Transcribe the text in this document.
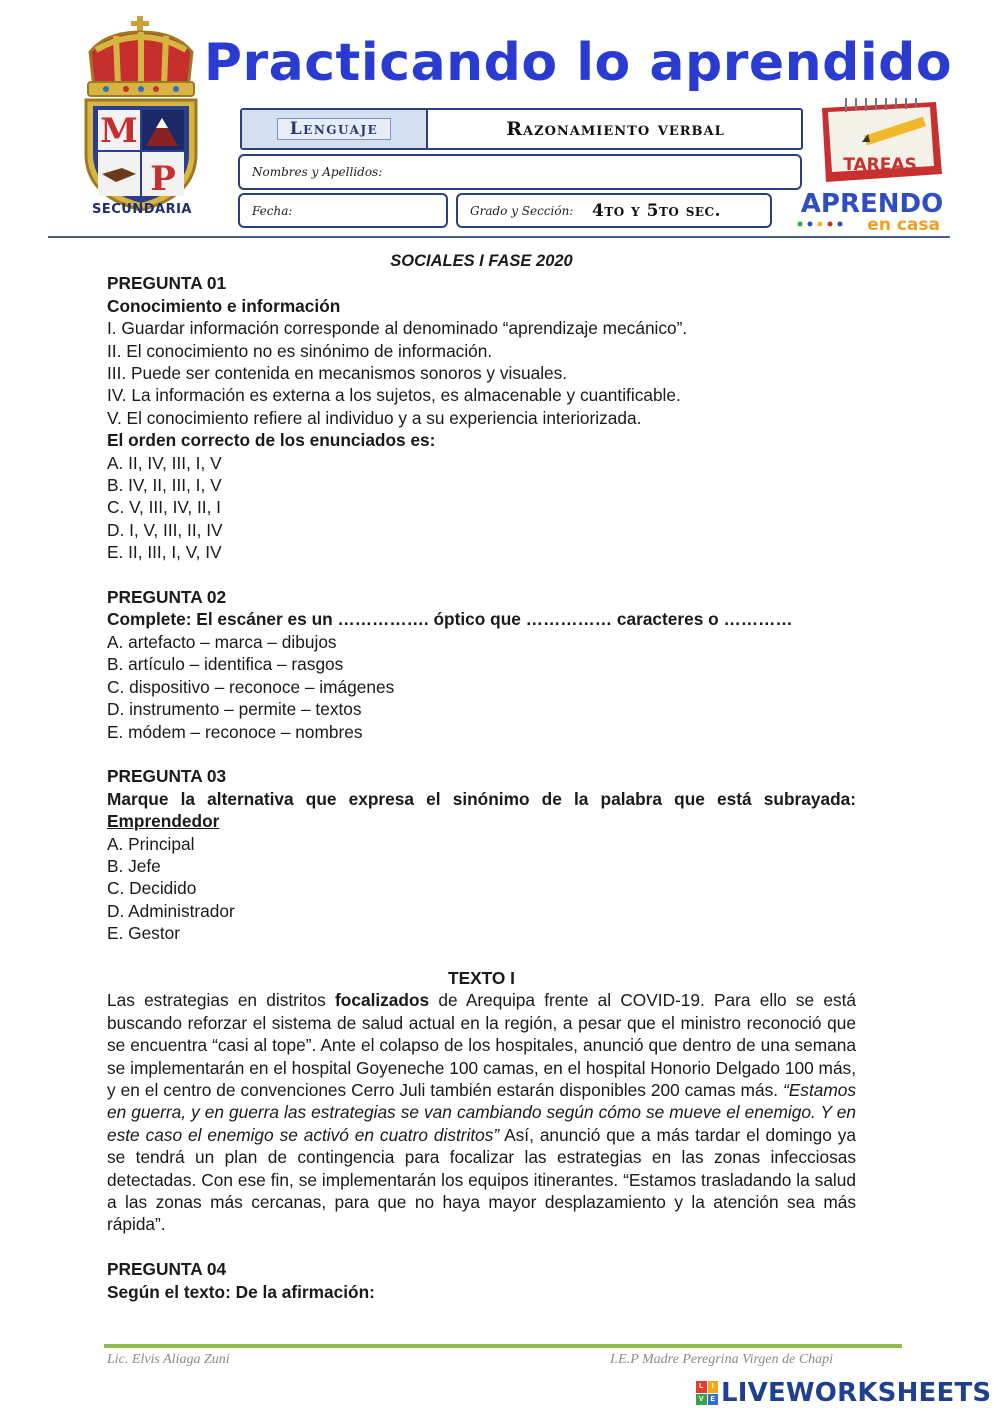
M
P
SECUNDARIA
Practicando lo aprendido
Lenguaje	Razonamiento verbal
Nombres y Apellidos:
Fecha:	Grado y Sección: 4to y 5to sec.
TAREAS
APRENDO
en casa
SOCIALES I FASE 2020
PREGUNTA 01
Conocimiento e información
I. Guardar información corresponde al denominado “aprendizaje mecánico”.
II. El conocimiento no es sinónimo de información.
III. Puede ser contenida en mecanismos sonoros y visuales.
IV. La información es externa a los sujetos, es almacenable y cuantificable.
V. El conocimiento refiere al individuo y a su experiencia interiorizada.
El orden correcto de los enunciados es:
A. II, IV, III, I, V
B. IV, II, III, I, V
C. V, III, IV, II, I
D. I, V, III, II, IV
E. II, III, I, V, IV
PREGUNTA 02
Complete: El escáner es un ……………. óptico que …………… caracteres o …………
A. artefacto – marca – dibujos
B. artículo – identifica – rasgos
C. dispositivo – reconoce – imágenes
D. instrumento – permite – textos
E. módem – reconoce – nombres
PREGUNTA 03
Marque la alternativa que expresa el sinónimo de la palabra que está subrayada: Emprendedor
A. Principal
B. Jefe
C. Decidido
D. Administrador
E. Gestor
TEXTO I
Las estrategias en distritos focalizados de Arequipa frente al COVID-19. Para ello se está buscando reforzar el sistema de salud actual en la región, a pesar que el ministro reconoció que se encuentra “casi al tope”. Ante el colapso de los hospitales, anunció que dentro de una semana se implementarán en el hospital Goyeneche 100 camas, en el hospital Honorio Delgado 100 más, y en el centro de convenciones Cerro Juli también estarán disponibles 200 camas más. “Estamos en guerra, y en guerra las estrategias se van cambiando según cómo se mueve el enemigo. Y en este caso el enemigo se activó en cuatro distritos” Así, anunció que a más tardar el domingo ya se tendrá un plan de contingencia para focalizar las estrategias en las zonas infecciosas detectadas. Con ese fin, se implementarán los equipos itinerantes. “Estamos trasladando la salud a las zonas más cercanas, para que no haya mayor desplazamiento y la atención sea más rápida”.
PREGUNTA 04
Según el texto: De la afirmación:
Lic. Elvis Aliaga Zuni	I.E.P Madre Peregrina Virgen de Chapi
L	I
V E LIVEWORKSHEETS
